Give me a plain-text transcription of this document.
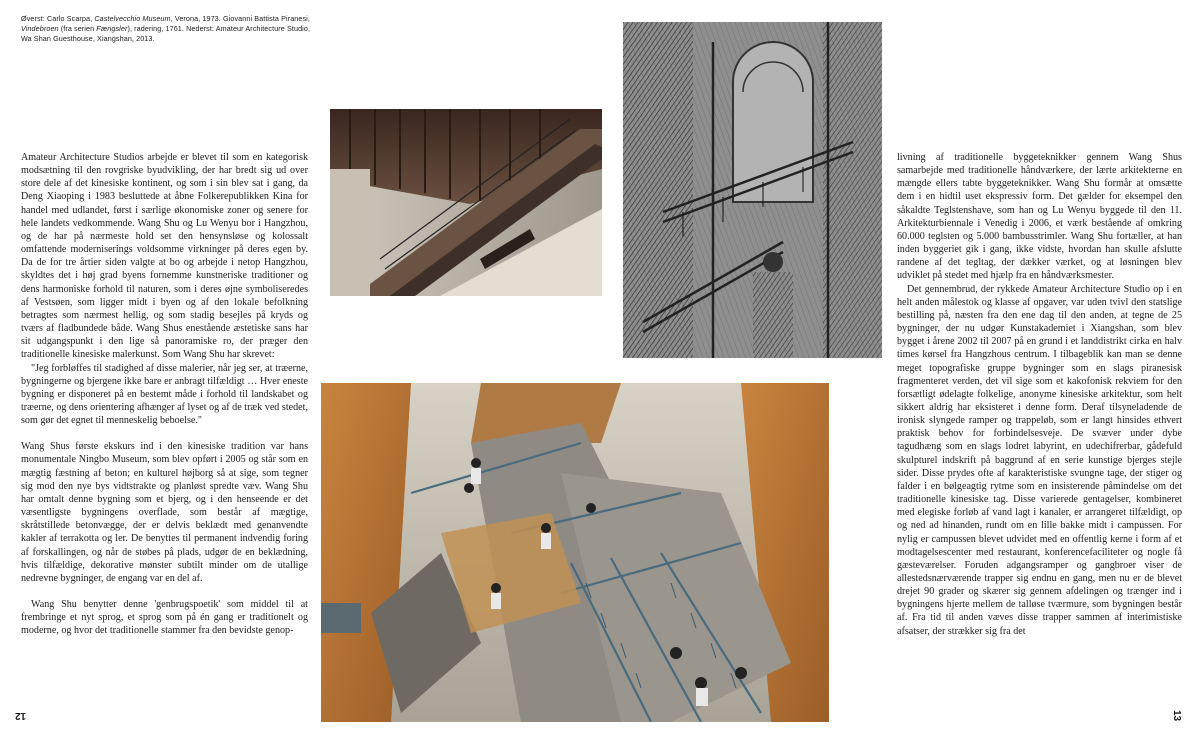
Øverst: Carlo Scarpa, Castelvecchio Museum, Verona, 1973. Giovanni Battista Piranesi, Vindebroen (fra serien Fængsler), radering, 1761. Nederst: Amateur Architecture Studio, Wa Shan Guesthouse, Xiangshan, 2013.

Amateur Architecture Studios arbejde er blevet til som en kategorisk modsætning til den rovgriske byudvikling, der har bredt sig ud over store dele af det kinesiske kontinent, og som i sin blev sat i gang, da Deng Xiaoping i 1983 besluttede at åbne Folkerepublikken Kina for handel med udlandet, først i særlige økonomiske zoner og senere for hele landets vedkommende. Wang Shu og Lu Wenyu bor i Hangzhou, og de har på nærmeste hold set den hensynsløse og kolossalt omfattende moderniserings voldsomme virkninger på deres egen by. Da de for tre årtier siden valgte at bo og arbejde i netop Hangzhou, skyldtes det i høj grad byens fornemme kunstneriske traditioner og dens harmoniske forhold til naturen, som i deres øjne symboliseredes af Vestsøen, som ligger midt i byen og af den lokale befolkning betragtes som nærmest hellig, og som stadig besejles på kryds og tværs af fladbundede både. Wang Shus enestående æstetiske sans har sit udgangspunkt i den lige så panoramiske ro, der præger den traditionelle kinesiske malerkunst. Som Wang Shu har skrevet:

"Jeg forbløffes til stadighed af disse malerier, når jeg ser, at træerne, bygningerne og bjergene ikke bare er anbragt tilfældigt … Hver eneste bygning er disponeret på en bestemt måde i forhold til landskabet og træerne, og dens orientering afhænger af lyset og af de træk ved stedet, som gør det egnet til menneskelig beboelse."

Wang Shus første ekskurs ind i den kinesiske tradition var hans monumentale Ningbo Museum, som blev opført i 2005 og står som en mægtig fæstning af beton; en kulturel højborg så at sige, som tegner sig mod den nye bys vidtstrakte og planløst spredte væv. Wang Shu har omtalt denne bygning som et bjerg, og i den henseende er det væsentligste bygningens overflade, som består af mægtige, skråtstillede betonvægge, der er delvis beklædt med genanvendte kakler af terrakotta og ler. De benyttes til permanent indvendig foring af forskallingen, og når de støbes på plads, udgør de en beklædning, hvis tilfældige, dekorative mønster subtilt minder om de utallige nedrevne bygninger, de engang var en del af.

Wang Shu benytter denne 'genbrugspoetik' som middel til at frembringe et nyt sprog, et sprog som på én gang er traditionelt og moderne, og hvor det traditionelle stammer fra den bevidste genop-

livning af traditionelle byggeteknikker gennem Wang Shus samarbejde med traditionelle håndværkere, der lærte arkitekterne en mængde ellers tabte byggeteknikker. Wang Shu formår at omsætte dem i en hidtil uset ekspressiv form. Det gælder for eksempel den såkaldte Teglstenshave, som han og Lu Wenyu byggede til den 11. Arkitekturbiennale i Venedig i 2006, et værk bestående af omkring 60.000 teglsten og 5.000 bambusstrimler. Wang Shu fortæller, at han inden byggeriet gik i gang, ikke vidste, hvordan han skulle afslutte randene af det tegltag, der dækker værket, og at løsningen blev udviklet på stedet med hjælp fra en håndværksmester.

Det gennembrud, der rykkede Amateur Architecture Studio op i en helt anden målestok og klasse af opgaver, var uden tvivl den statslige bestilling på, næsten fra den ene dag til den anden, at tegne de 25 bygninger, der nu udgør Kunstakademiet i Xiangshan, som blev bygget i årene 2002 til 2007 på en grund i et landdistrikt cirka en halv times kørsel fra Hangzhous centrum. I tilbageblik kan man se denne meget topografiske gruppe bygninger som en slags piranesisk fragmenteret verden, det vil sige som et kakofonisk rekviem for den forsætligt ødelagte folkelige, anonyme kinesiske arkitektur, som helt sikkert aldrig har eksisteret i denne form. Deraf tilsyneladende de ironisk slyngede ramper og trappeløb, som er langt hinsides ethvert praktisk behov for forbindelsesveje. De svæver under dybe tagudhæng som en slags lodret labyrint, en udechifrerbar, gådefuld skulpturel indskrift på baggrund af en serie kunstige bjerges stejle sider. Disse prydes ofte af karakteristiske svungne tage, der stiger og falder i en bølgeagtig rytme som en insisterende påmindelse om det traditionelle kinesiske tag. Disse varierede gentagelser, kombineret med elegiske forløb af vand lagt i kanaler, er arrangeret tilfældigt, op og ned ad hinanden, rundt om en lille bakke midt i campussen. For nylig er campussen blevet udvidet med en offentlig kerne i form af et modtagelsescenter med restaurant, konferencefaciliteter og nogle få gæsteværelser. Foruden adgangsramper og gangbroer viser de allestedsnærværende trapper sig endnu en gang, men nu er de blevet drejet 90 grader og skærer sig gennem afdelingen og trænger ind i bygningens hjerte mellem de talløse tværmure, som bygningen består af. Fra tid til anden væves disse trapper sammen af interimistiske afsatser, der strækker sig fra det

12	13
